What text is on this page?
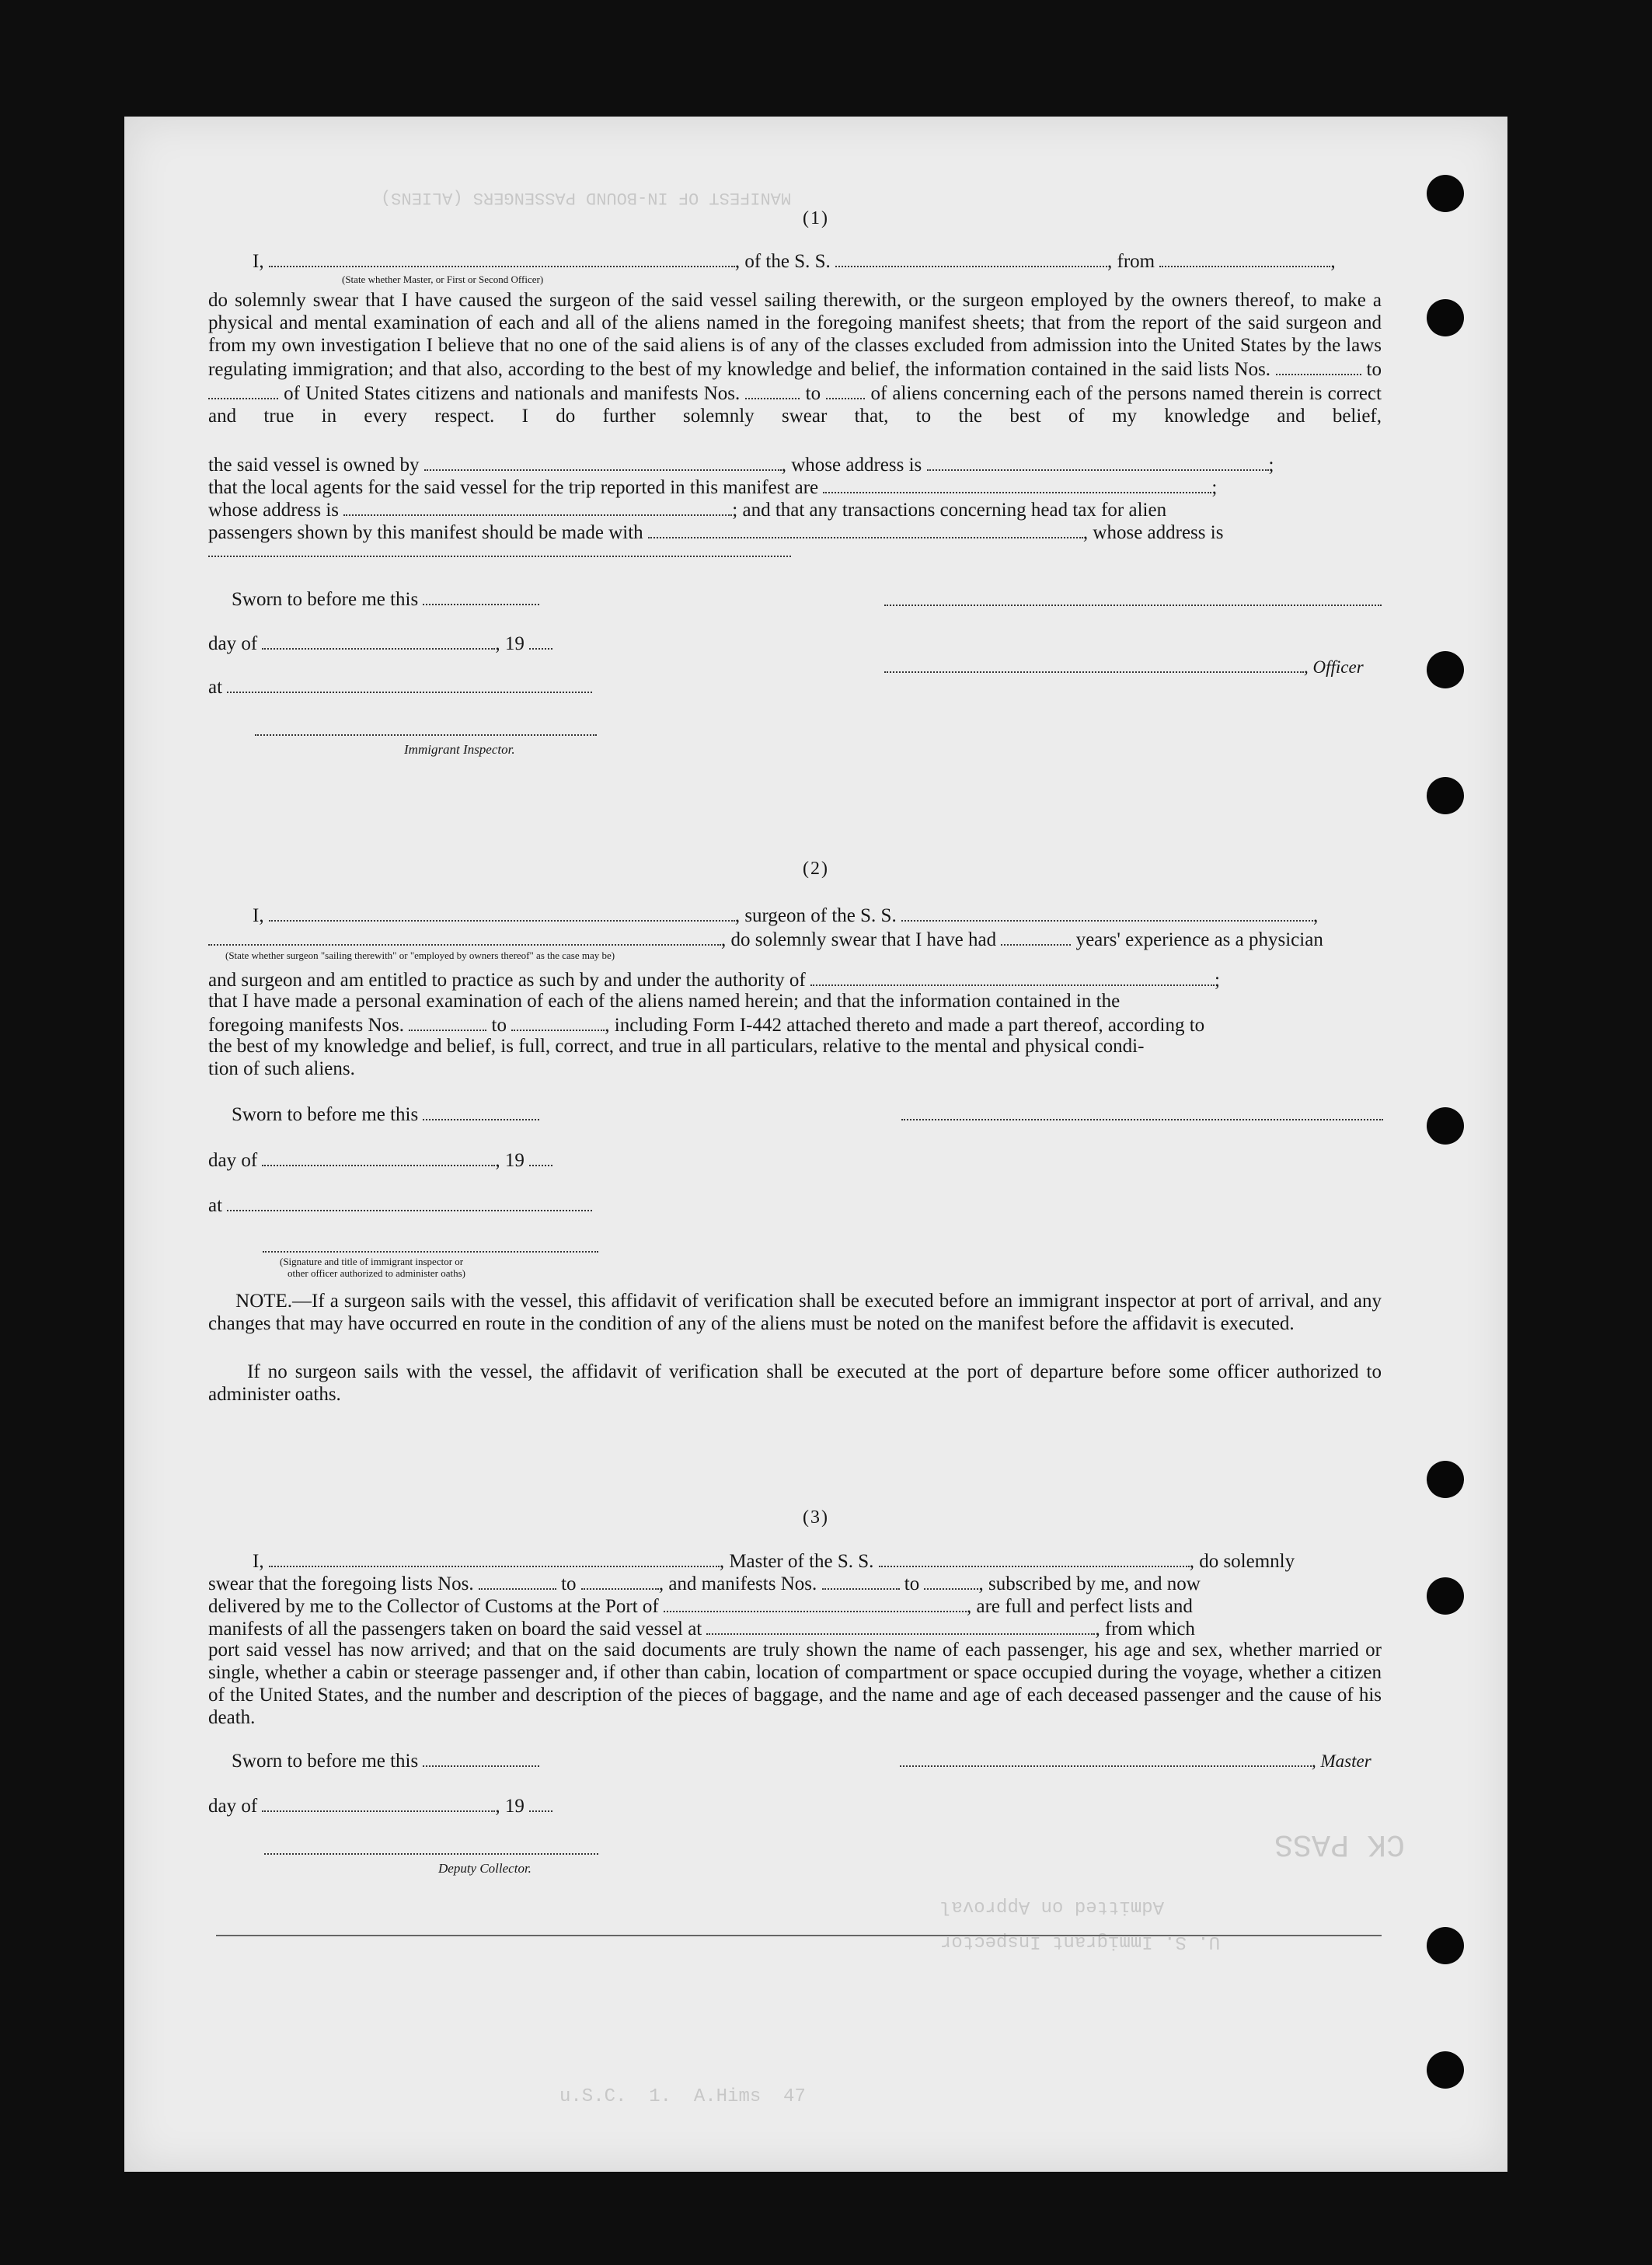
MANIFEST OF IN-BOUND PASSENGERS (ALIENS)
u.S.C.  1.  A.Hims  47
U. S. Immigrant Inspector
Admitted on Approval
CK PASS
(1)
I,	, of the S. S.	, from	,
(State whether Master, or First or Second Officer)
do solemnly swear that I have caused the surgeon of the said vessel sailing therewith, or the surgeon employed by the owners thereof, to make a physical and mental examination of each and all of the aliens named in the foregoing manifest sheets; that from the report of the said surgeon and from my own investigation I believe that no one of the said aliens is of any of the classes excluded from admission into the United States by the laws regulating immigration; and that also, according to the best of my knowledge and belief, the information contained in the said lists Nos.	to  of United States citizens and nationals and manifests Nos.	to	of aliens concerning each of the persons named therein is correct and true in every respect. I do further solemnly swear that, to the best of my knowledge and belief,
the said vessel is owned by	, whose address is	;
that the local agents for the said vessel for the trip reported in this manifest are	;
whose address is	; and that any transactions concerning head tax for alien
passengers shown by this manifest should be made with	, whose address is
Sworn to before me this
day of	, 19
, Officer
at
Immigrant Inspector.
(2)
I,	, surgeon of the S. S.	,
, do solemnly swear that I have had	years' experience as a physician
(State whether surgeon "sailing therewith" or "employed by owners thereof" as the case may be)
and surgeon and am entitled to practice as such by and under the authority of	;
that I have made a personal examination of each of the aliens named herein; and that the information contained in the
foregoing manifests Nos.	to	, including Form I-442 attached thereto and made a part thereof, according to
the best of my knowledge and belief, is full, correct, and true in all particulars, relative to the mental and physical condi-
tion of such aliens.
Sworn to before me this
day of	, 19
at
(Signature and title of immigrant inspector or
other officer authorized to administer oaths)
NOTE.—If a surgeon sails with the vessel, this affidavit of verification shall be executed before an immigrant inspector at port of arrival, and any changes that may have occurred en route in the condition of any of the aliens must be noted on the manifest before the affidavit is executed.
If no surgeon sails with the vessel, the affidavit of verification shall be executed at the port of departure before some officer authorized to administer oaths.
(3)
I,	, Master of the S. S.	, do solemnly
swear that the foregoing lists Nos.	to	, and manifests Nos.	to	, subscribed by me, and now
delivered by me to the Collector of Customs at the Port of	, are full and perfect lists and
manifests of all the passengers taken on board the said vessel at	, from which
port said vessel has now arrived; and that on the said documents are truly shown the name of each passenger, his age and sex, whether married or single, whether a cabin or steerage passenger and, if other than cabin, location of compartment or space occupied during the voyage, whether a citizen of the United States, and the number and description of the pieces of baggage, and the name and age of each deceased passenger and the cause of his death.
Sworn to before me this	, Master
day of	, 19
Deputy Collector.
